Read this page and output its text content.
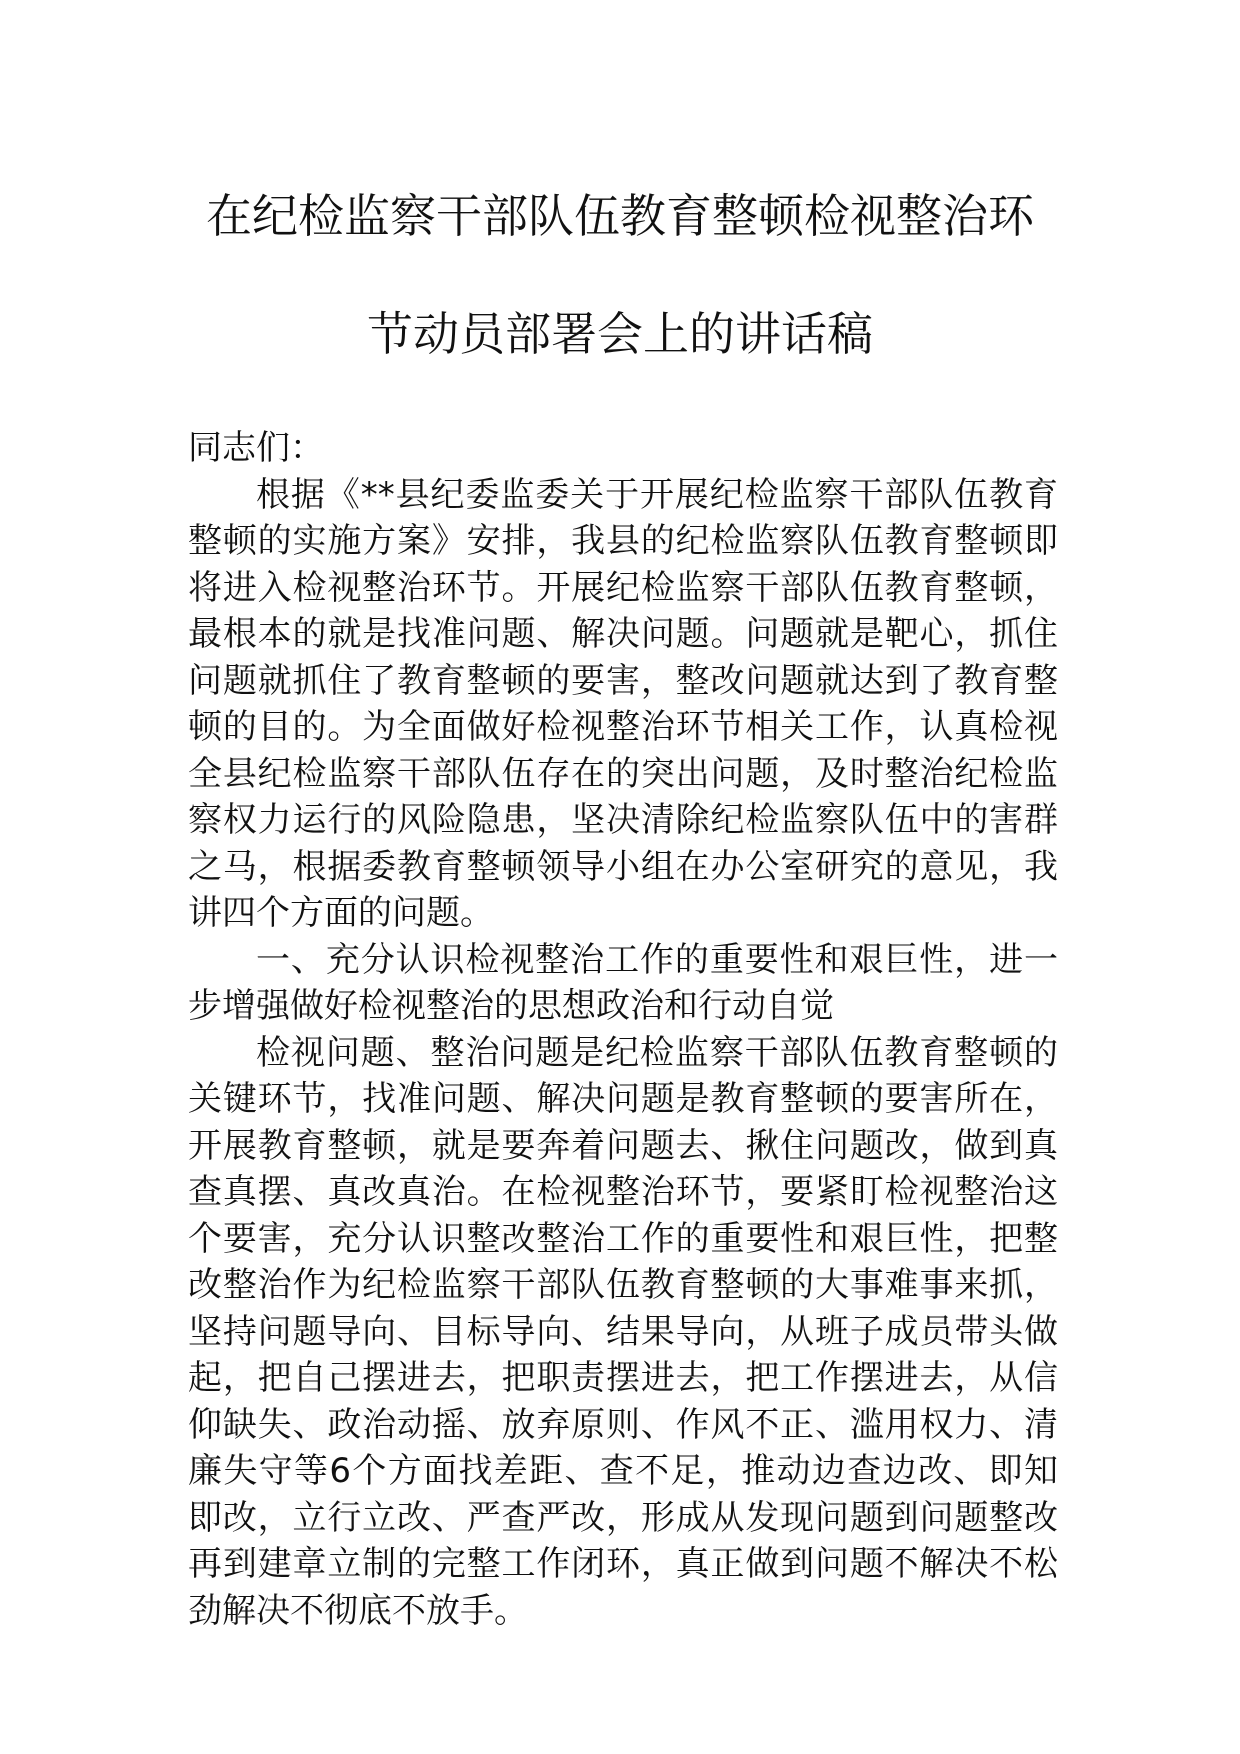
在纪检监察干部队伍教育整顿检视整治环
节动员部署会上的讲话稿

同志们：

根据《**县纪委监委关于开展纪检监察干部队伍教育整顿的实施方案》安排，我县的纪检监察队伍教育整顿即将进入检视整治环节。开展纪检监察干部队伍教育整顿，最根本的就是找准问题、解决问题。问题就是靶心，抓住问题就抓住了教育整顿的要害，整改问题就达到了教育整顿的目的。为全面做好检视整治环节相关工作，认真检视全县纪检监察干部队伍存在的突出问题，及时整治纪检监察权力运行的风险隐患，坚决清除纪检监察队伍中的害群之马，根据委教育整顿领导小组在办公室研究的意见，我讲四个方面的问题。

一、充分认识检视整治工作的重要性和艰巨性，进一步增强做好检视整治的思想政治和行动自觉

检视问题、整治问题是纪检监察干部队伍教育整顿的关键环节，找准问题、解决问题是教育整顿的要害所在，开展教育整顿，就是要奔着问题去、揪住问题改，做到真查真摆、真改真治。在检视整治环节，要紧盯检视整治这个要害，充分认识整改整治工作的重要性和艰巨性，把整改整治作为纪检监察干部队伍教育整顿的大事难事来抓，坚持问题导向、目标导向、结果导向，从班子成员带头做起，把自己摆进去，把职责摆进去，把工作摆进去，从信仰缺失、政治动摇、放弃原则、作风不正、滥用权力、清廉失守等6个方面找差距、查不足，推动边查边改、即知即改，立行立改、严查严改，形成从发现问题到问题整改再到建章立制的完整工作闭环，真正做到问题不解决不松劲解决不彻底不放手。
